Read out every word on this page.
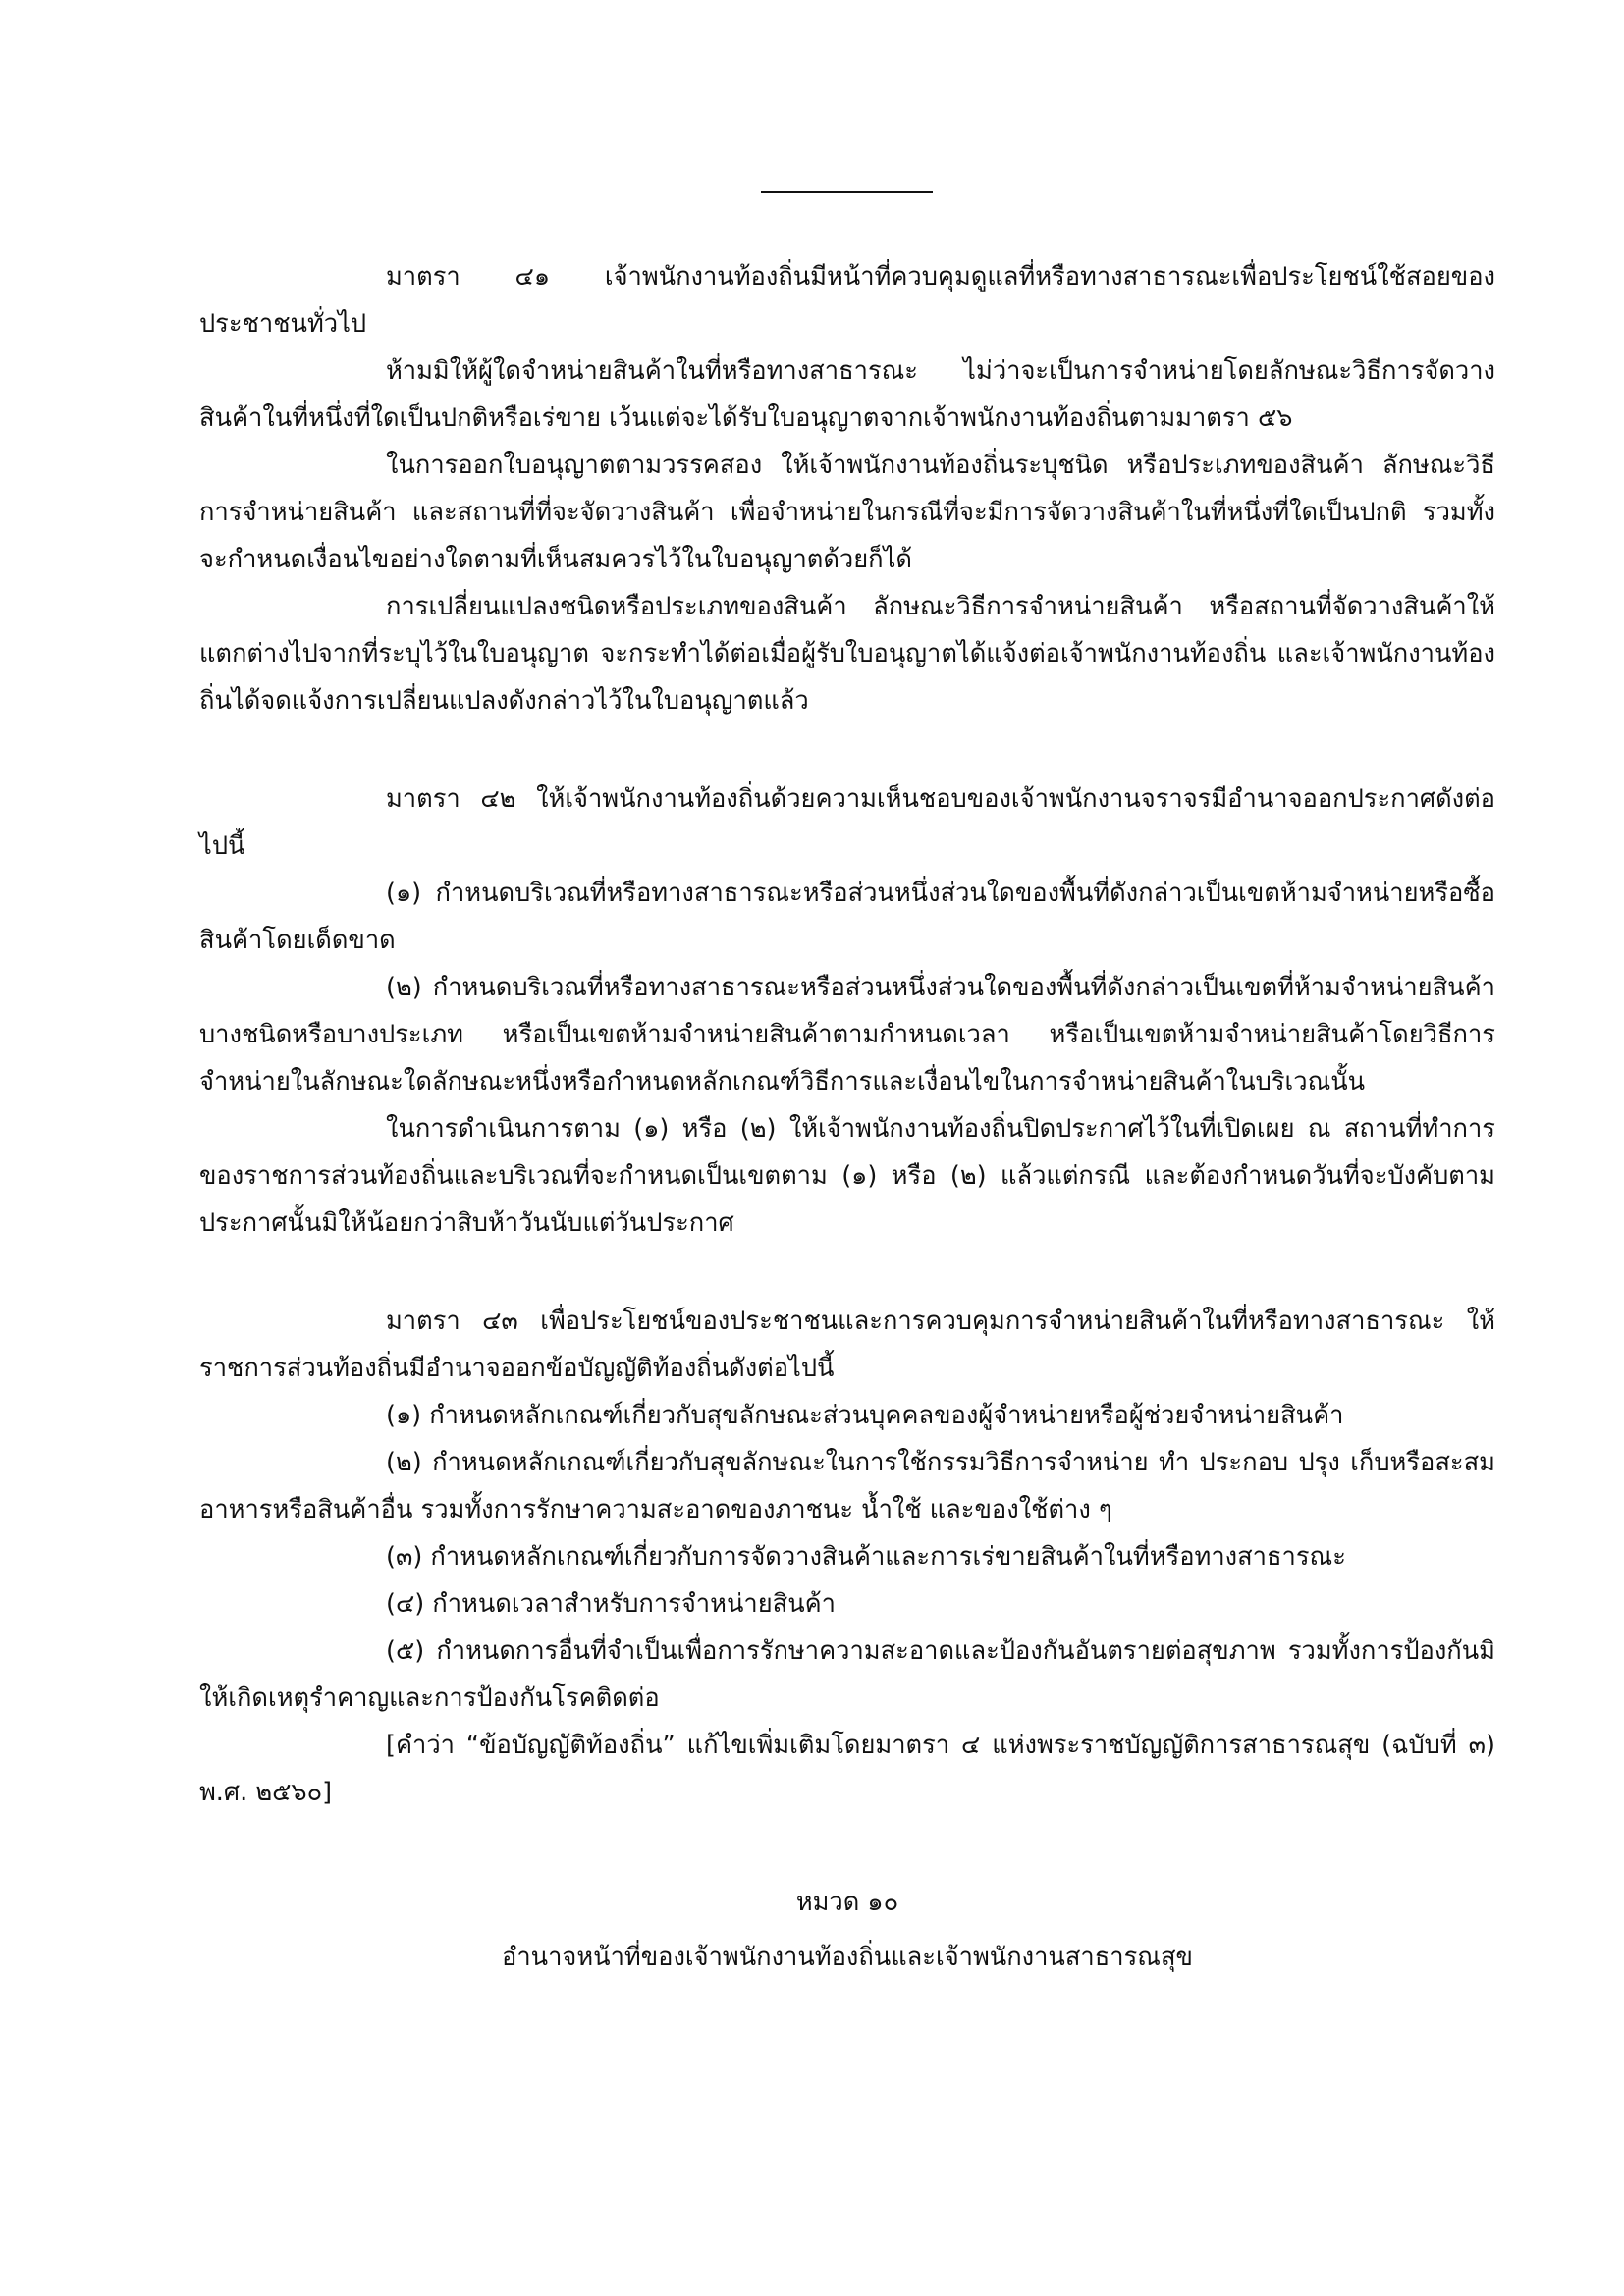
มาตรา ๔๑ เจ้าพนักงานท้องถิ่นมีหน้าที่ควบคุมดูแลที่หรือทางสาธารณะเพื่อประโยชน์ใช้สอยของประชาชนทั่วไป

ห้ามมิให้ผู้ใดจำหน่ายสินค้าในที่หรือทางสาธารณะ ไม่ว่าจะเป็นการจำหน่ายโดยลักษณะวิธีการจัดวางสินค้าในที่หนึ่งที่ใดเป็นปกติหรือเร่ขาย เว้นแต่จะได้รับใบอนุญาตจากเจ้าพนักงานท้องถิ่นตามมาตรา ๕๖

ในการออกใบอนุญาตตามวรรคสอง ให้เจ้าพนักงานท้องถิ่นระบุชนิด หรือประเภทของสินค้า ลักษณะวิธีการจำหน่ายสินค้า และสถานที่ที่จะจัดวางสินค้า เพื่อจำหน่ายในกรณีที่จะมีการจัดวางสินค้าในที่หนึ่งที่ใดเป็นปกติ รวมทั้งจะกำหนดเงื่อนไขอย่างใดตามที่เห็นสมควรไว้ในใบอนุญาตด้วยก็ได้

การเปลี่ยนแปลงชนิดหรือประเภทของสินค้า ลักษณะวิธีการจำหน่ายสินค้า หรือสถานที่จัดวางสินค้าให้แตกต่างไปจากที่ระบุไว้ในใบอนุญาต จะกระทำได้ต่อเมื่อผู้รับใบอนุญาตได้แจ้งต่อเจ้าพนักงานท้องถิ่น และเจ้าพนักงานท้องถิ่นได้จดแจ้งการเปลี่ยนแปลงดังกล่าวไว้ในใบอนุญาตแล้ว

มาตรา ๔๒ ให้เจ้าพนักงานท้องถิ่นด้วยความเห็นชอบของเจ้าพนักงานจราจรมีอำนาจออกประกาศดังต่อไปนี้

(๑) กำหนดบริเวณที่หรือทางสาธารณะหรือส่วนหนึ่งส่วนใดของพื้นที่ดังกล่าวเป็นเขตห้ามจำหน่ายหรือซื้อสินค้าโดยเด็ดขาด

(๒) กำหนดบริเวณที่หรือทางสาธารณะหรือส่วนหนึ่งส่วนใดของพื้นที่ดังกล่าวเป็นเขตที่ห้ามจำหน่ายสินค้าบางชนิดหรือบางประเภท หรือเป็นเขตห้ามจำหน่ายสินค้าตามกำหนดเวลา หรือเป็นเขตห้ามจำหน่ายสินค้าโดยวิธีการจำหน่ายในลักษณะใดลักษณะหนึ่งหรือกำหนดหลักเกณฑ์วิธีการและเงื่อนไขในการจำหน่ายสินค้าในบริเวณนั้น

ในการดำเนินการตาม (๑) หรือ (๒) ให้เจ้าพนักงานท้องถิ่นปิดประกาศไว้ในที่เปิดเผย ณ สถานที่ทำการของราชการส่วนท้องถิ่นและบริเวณที่จะกำหนดเป็นเขตตาม (๑) หรือ (๒) แล้วแต่กรณี และต้องกำหนดวันที่จะบังคับตามประกาศนั้นมิให้น้อยกว่าสิบห้าวันนับแต่วันประกาศ

มาตรา ๔๓ เพื่อประโยชน์ของประชาชนและการควบคุมการจำหน่ายสินค้าในที่หรือทางสาธารณะ ให้ราชการส่วนท้องถิ่นมีอำนาจออกข้อบัญญัติท้องถิ่นดังต่อไปนี้

(๑) กำหนดหลักเกณฑ์เกี่ยวกับสุขลักษณะส่วนบุคคลของผู้จำหน่ายหรือผู้ช่วยจำหน่ายสินค้า

(๒) กำหนดหลักเกณฑ์เกี่ยวกับสุขลักษณะในการใช้กรรมวิธีการจำหน่าย ทำ ประกอบ ปรุง เก็บหรือสะสมอาหารหรือสินค้าอื่น รวมทั้งการรักษาความสะอาดของภาชนะ น้ำใช้ และของใช้ต่าง ๆ

(๓) กำหนดหลักเกณฑ์เกี่ยวกับการจัดวางสินค้าและการเร่ขายสินค้าในที่หรือทางสาธารณะ

(๔) กำหนดเวลาสำหรับการจำหน่ายสินค้า

(๕) กำหนดการอื่นที่จำเป็นเพื่อการรักษาความสะอาดและป้องกันอันตรายต่อสุขภาพ รวมทั้งการป้องกันมิให้เกิดเหตุรำคาญและการป้องกันโรคติดต่อ

[คำว่า “ข้อบัญญัติท้องถิ่น” แก้ไขเพิ่มเติมโดยมาตรา ๔ แห่งพระราชบัญญัติการสาธารณสุข (ฉบับที่ ๓) พ.ศ. ๒๕๖๐]

หมวด ๑๐
อำนาจหน้าที่ของเจ้าพนักงานท้องถิ่นและเจ้าพนักงานสาธารณสุข
